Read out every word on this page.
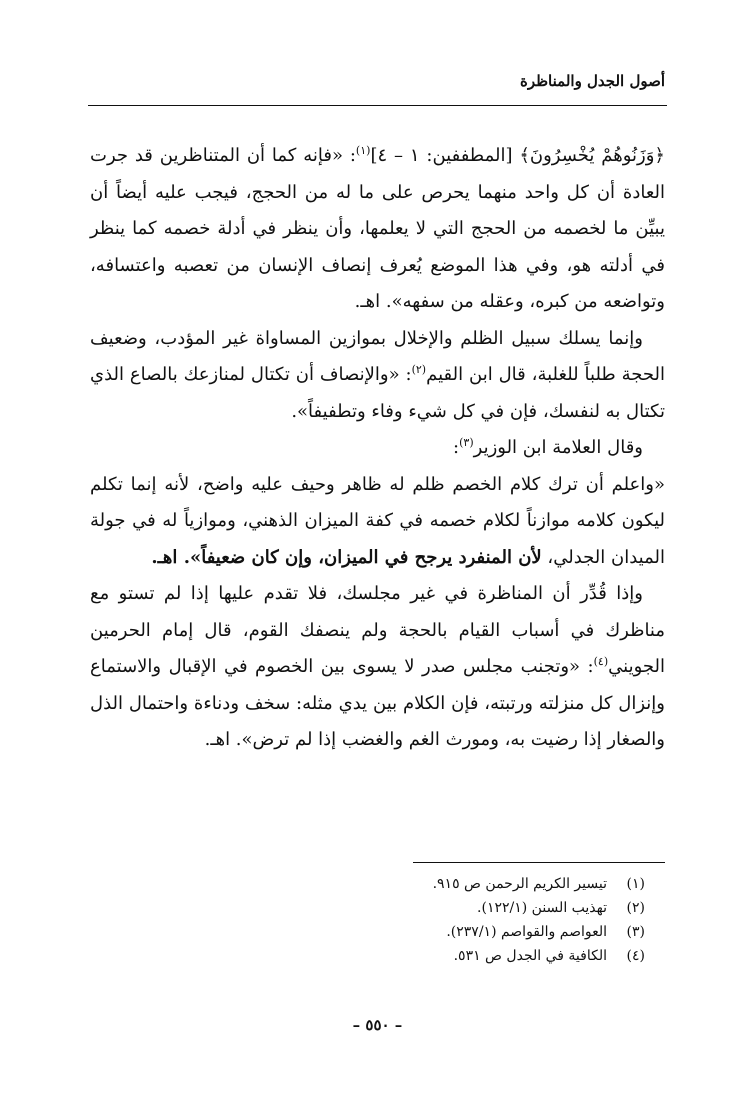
أصول الجدل والمناظرة

﴿وَزَنُوهُمْ يُخْسِرُونَ﴾ [المطففين: ١ – ٤]$^{(١)}$: «فإنه كما أن المتناظرين قد جرت العادة أن كل واحد منهما يحرص على ما له من الحجج، فيجب عليه أيضاً أن يبيِّن ما لخصمه من الحجج التي لا يعلمها، وأن ينظر في أدلة خصمه كما ينظر في أدلته هو، وفي هذا الموضع يُعرف إنصاف الإنسان من تعصبه واعتسافه، وتواضعه من كبره، وعقله من سفهه». اهـ.

وإنما يسلك سبيل الظلم والإخلال بموازين المساواة غير المؤدب، وضعيف الحجة طلباً للغلبة، قال ابن القيم$^{(٢)}$: «والإنصاف أن تكتال لمنازعك بالصاع الذي تكتال به لنفسك، فإن في كل شيء وفاء وتطفيفاً».

وقال العلامة ابن الوزير$^{(٣)}$:

«واعلم أن ترك كلام الخصم ظلم له ظاهر وحيف عليه واضح، لأنه إنما تكلم ليكون كلامه موازناً لكلام خصمه في كفة الميزان الذهني، وموازياً له في جولة الميدان الجدلي، لأن المنفرد يرجح في الميزان، وإن كان ضعيفاً». اهـ.

وإذا قُدِّر أن المناظرة في غير مجلسك، فلا تقدم عليها إذا لم تستو مع مناظرك في أسباب القيام بالحجة ولم ينصفك القوم، قال إمام الحرمين الجويني$^{(٤)}$: «وتجنب مجلس صدر لا يسوى بين الخصوم في الإقبال والاستماع وإنزال كل منزلته ورتبته، فإن الكلام بين يدي مثله: سخف ودناءة واحتمال الذل والصغار إذا رضيت به، ومورث الغم والغضب إذا لم ترض». اهـ.

(١)تيسير الكريم الرحمن ص ٩١٥.
(٢)تهذيب السنن (١٢٢/١).
(٣)العواصم والقواصم (٢٣٧/١).
(٤)الكافية في الجدل ص ٥٣١.
– ٥٥٠ –
